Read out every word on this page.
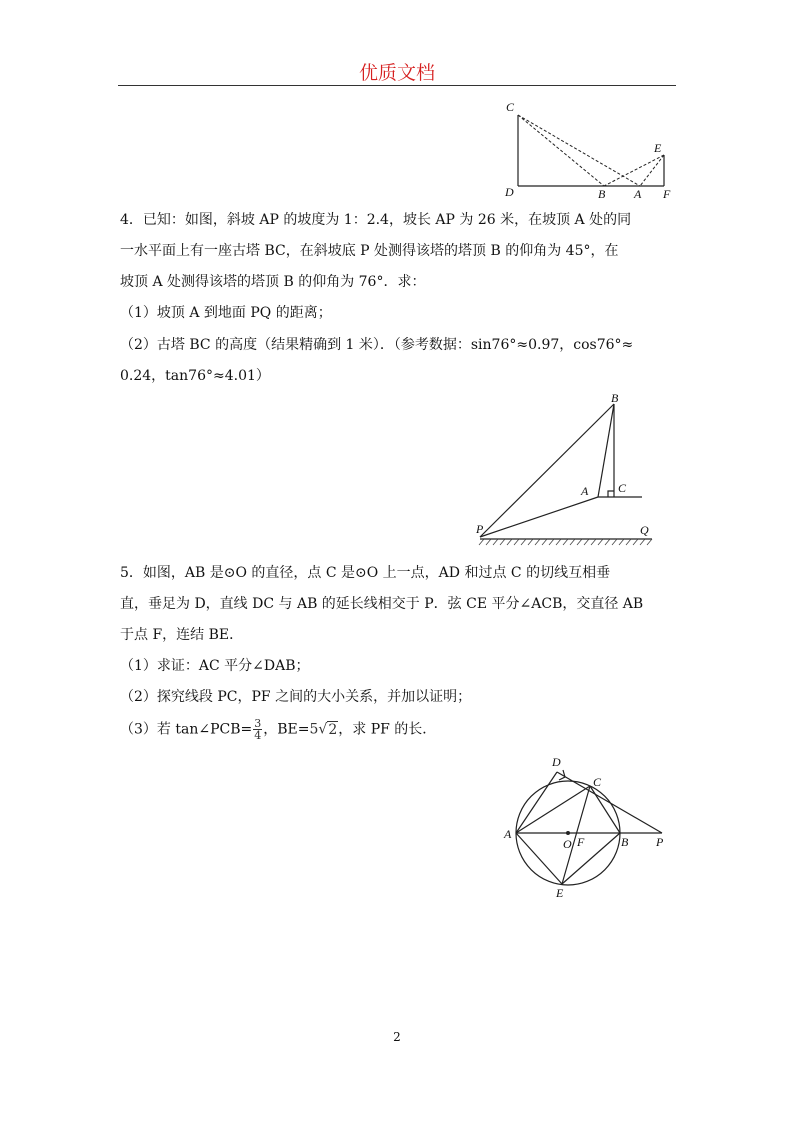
优质文档
C
E
D	B A F
4．已知：如图，斜坡 AP 的坡度为 1：2.4，坡长 AP 为 26 米，在坡顶 A 处的同
一水平面上有一座古塔 BC，在斜坡底 P 处测得该塔的塔顶 B 的仰角为 45°，在
坡顶 A 处测得该塔的塔顶 B 的仰角为 76°．求：
（1）坡顶 A 到地面 PQ 的距离；
（2）古塔 BC 的高度（结果精确到 1 米）．（参考数据：sin76°≈0.97，cos76°≈
0.24，tan76°≈4.01）
B
A C
P	Q
5．如图，AB 是⊙O 的直径，点 C 是⊙O 上一点，AD 和过点 C 的切线互相垂
直，垂足为 D，直线 DC 与 AB 的延长线相交于 P．弦 CE 平分∠ACB，交直径 AB
于点 F，连结 BE．
（1）求证：AC 平分∠DAB；
（2）探究线段 PC，PF 之间的大小关系，并加以证明；
（3）若 tan∠PCB= $\frac{3}{4}$ ，BE=5√2，求 PF 的长．
D
C
A
O F	B P
E
2
